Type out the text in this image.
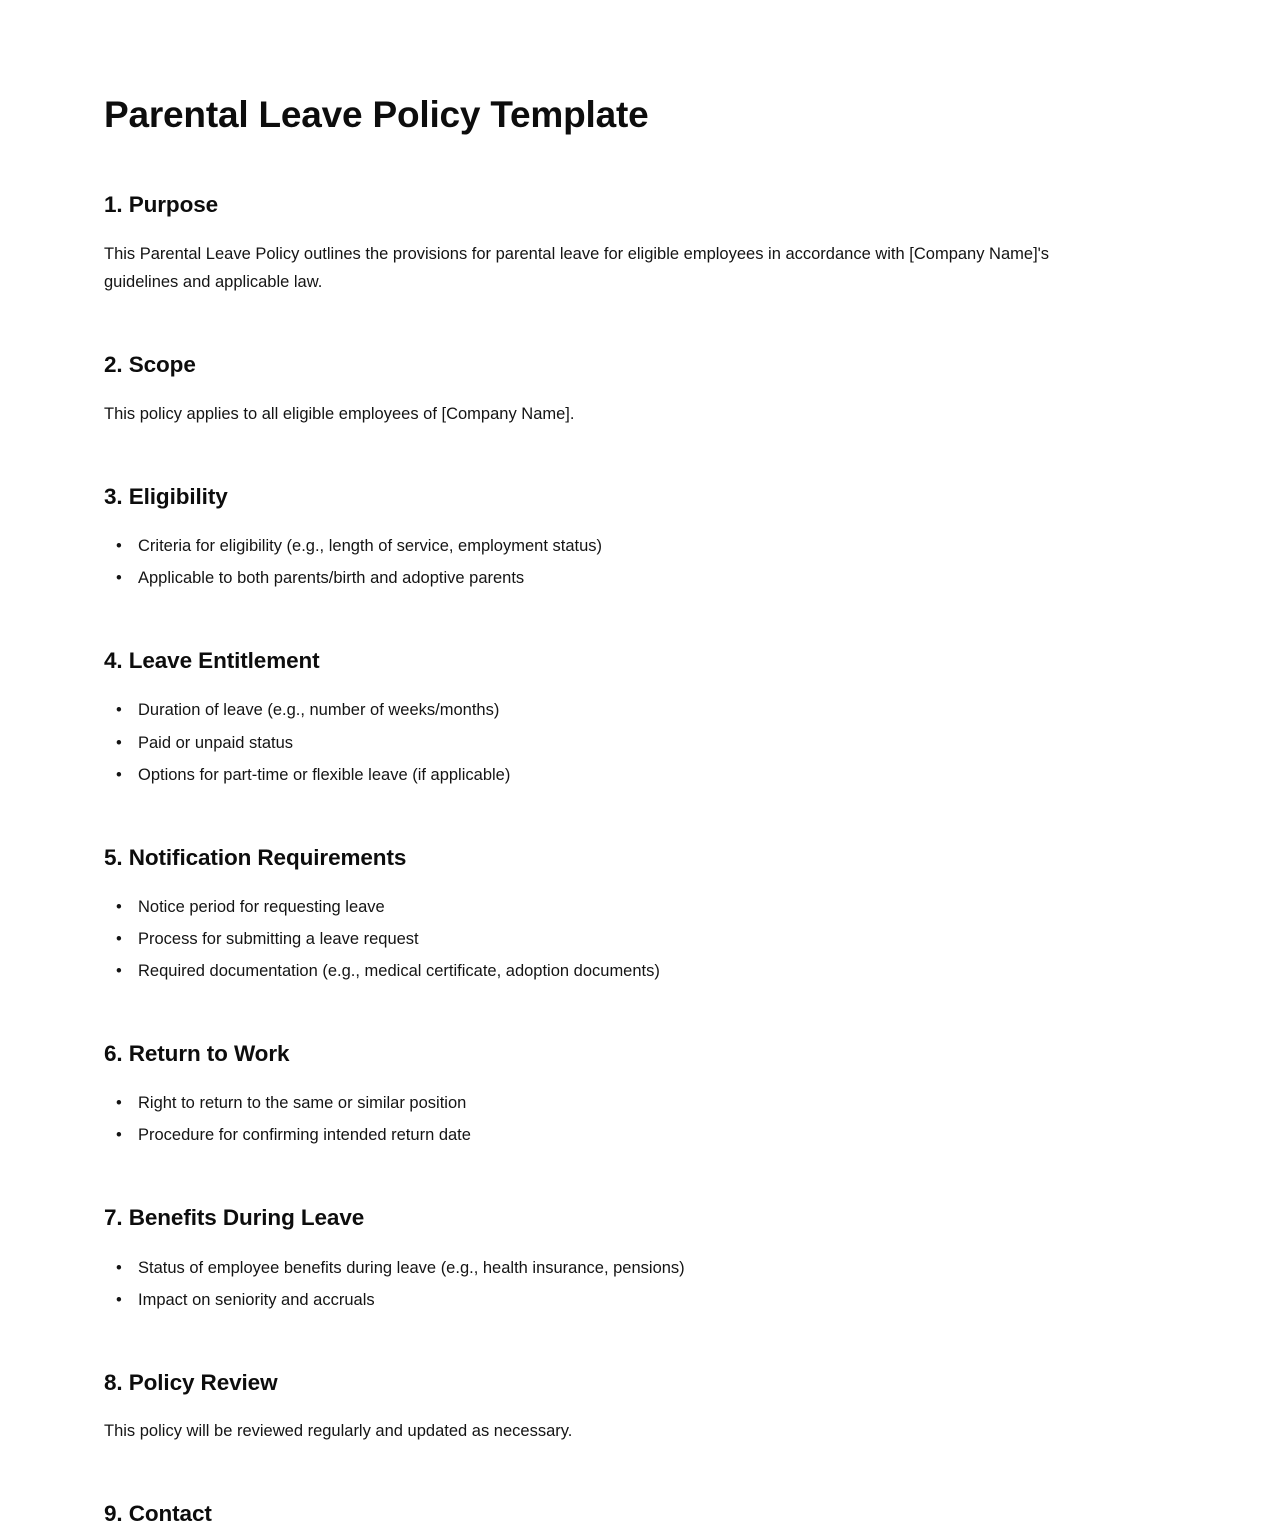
Parental Leave Policy Template
1. Purpose

This Parental Leave Policy outlines the provisions for parental leave for eligible employees in accordance with [Company Name]'s guidelines and applicable law.

2. Scope

This policy applies to all eligible employees of [Company Name].

3. Eligibility
• Criteria for eligibility (e.g., length of service, employment status)
• Applicable to both parents/birth and adoptive parents
4. Leave Entitlement
• Duration of leave (e.g., number of weeks/months)
• Paid or unpaid status
• Options for part-time or flexible leave (if applicable)
5. Notification Requirements
• Notice period for requesting leave
• Process for submitting a leave request
• Required documentation (e.g., medical certificate, adoption documents)
6. Return to Work
• Right to return to the same or similar position
• Procedure for confirming intended return date
7. Benefits During Leave
• Status of employee benefits during leave (e.g., health insurance, pensions)
• Impact on seniority and accruals
8. Policy Review

This policy will be reviewed regularly and updated as necessary.

9. Contact
